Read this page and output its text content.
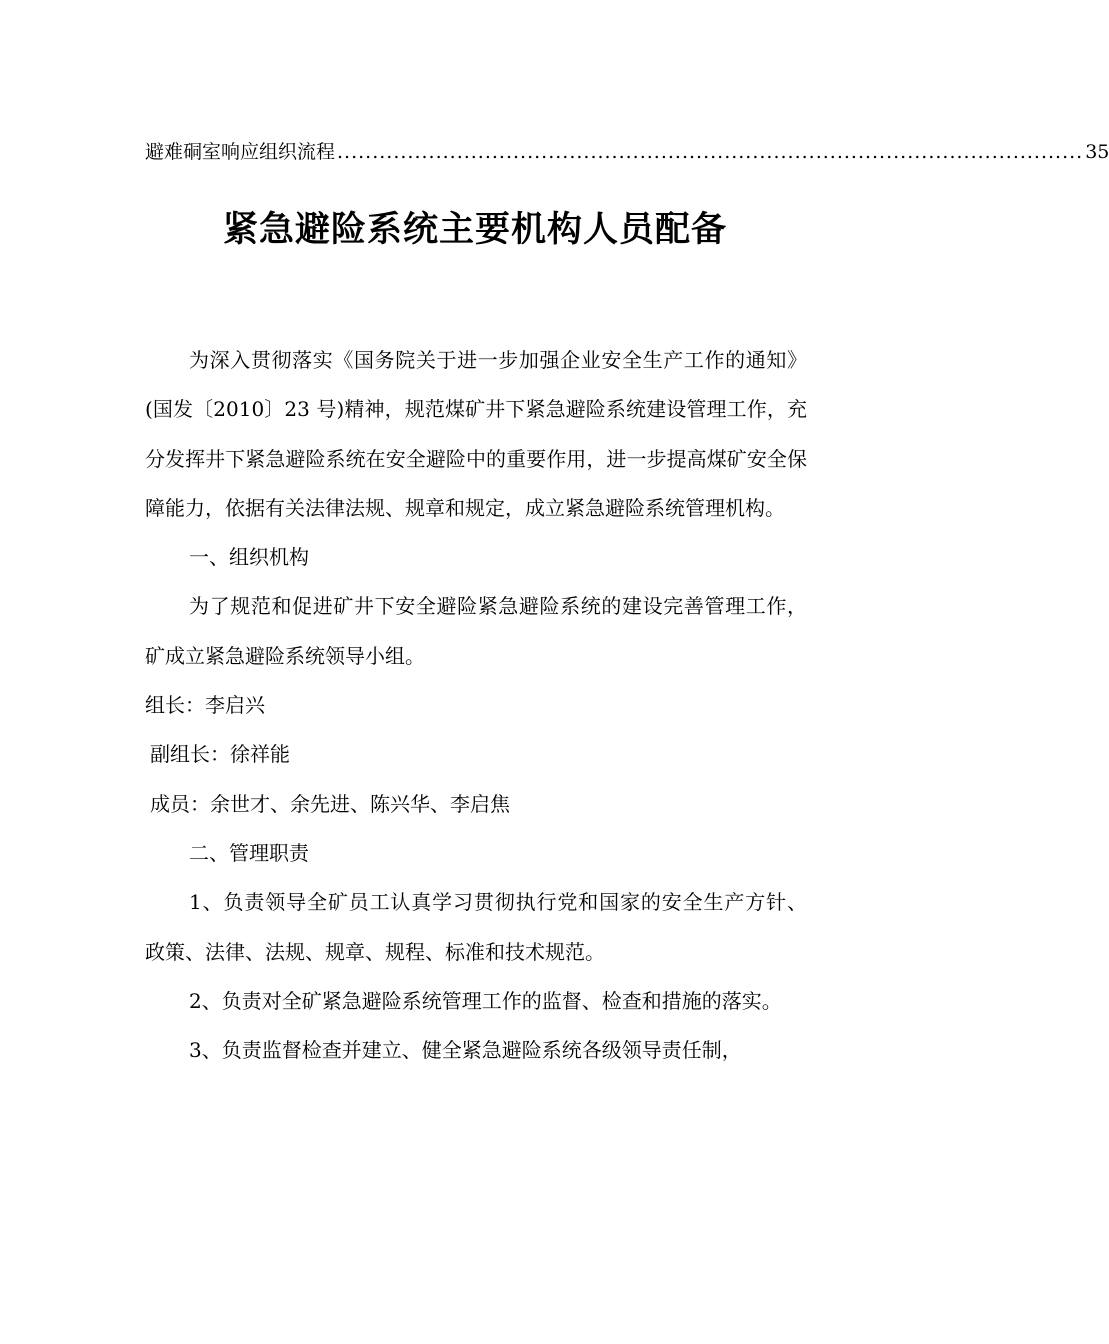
避难硐室响应组织流程 .......................................................................................................... 35
紧急避险系统主要机构人员配备

为深入贯彻落实《国务院关于进一步加强企业安全生产工作的通知》(国发〔2010〕23 号)精神，规范煤矿井下紧急避险系统建设管理工作，充分发挥井下紧急避险系统在安全避险中的重要作用，进一步提高煤矿安全保障能力，依据有关法律法规、规章和规定，成立紧急避险系统管理机构。

一、组织机构

为了规范和促进矿井下安全避险紧急避险系统的建设完善管理工作，矿成立紧急避险系统领导小组。

组长：李启兴

副组长：徐祥能

成员：余世才、余先进、陈兴华、李启焦

二、管理职责

1、负责领导全矿员工认真学习贯彻执行党和国家的安全生产方针、 政策、法律、法规、规章、规程、标准和技术规范。

2、负责对全矿紧急避险系统管理工作的监督、检查和措施的落实。

3、负责监督检查并建立、健全紧急避险系统各级领导责任制，
